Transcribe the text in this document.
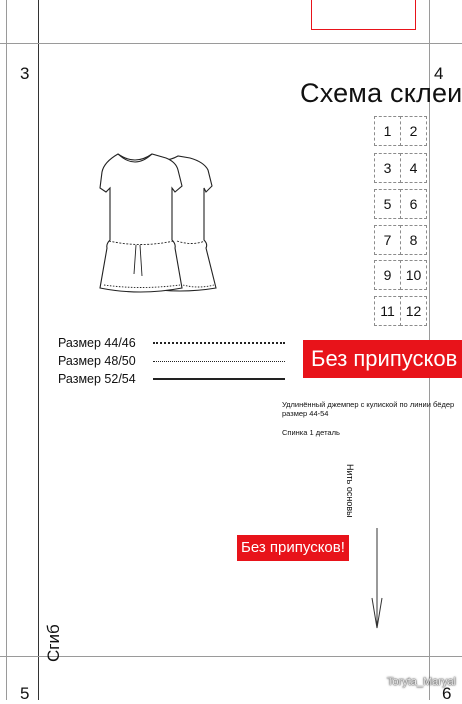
3	4
5	6
Схема склеи
1	2
3	4
5	6
7	8
9	10
11 12
Размер 44/46
Размер 48/50
Размер 52/54
Без припусков
Без припусков!
Удлинённый джемпер с кулиской по линии бёдер
размер 44-54
Спинка 1 деталь
Нить основы
Сгиб
Toryta_Maryal
